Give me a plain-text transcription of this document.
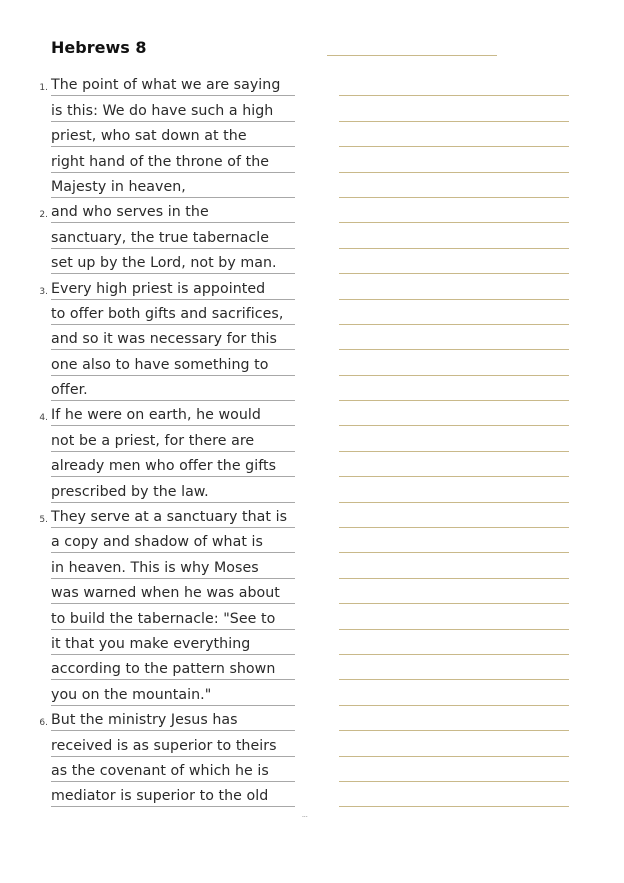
Hebrews 8
1. The point of what we are saying
is this: We do have such a high
priest, who sat down at the
right hand of the throne of the
Majesty in heaven,
2. and who serves in the
sanctuary, the true tabernacle
set up by the Lord, not by man.
3. Every high priest is appointed
to offer both gifts and sacrifices,
and so it was necessary for this
one also to have something to
offer.
4. If he were on earth, he would
not be a priest, for there are
already men who offer the gifts
prescribed by the law.
5. They serve at a sanctuary that is
a copy and shadow of what is
in heaven. This is why Moses
was warned when he was about
to build the tabernacle: "See to
it that you make everything
according to the pattern shown
you on the mountain."
6. But the ministry Jesus has
received is as superior to theirs
as the covenant of which he is
mediator is superior to the old
···
